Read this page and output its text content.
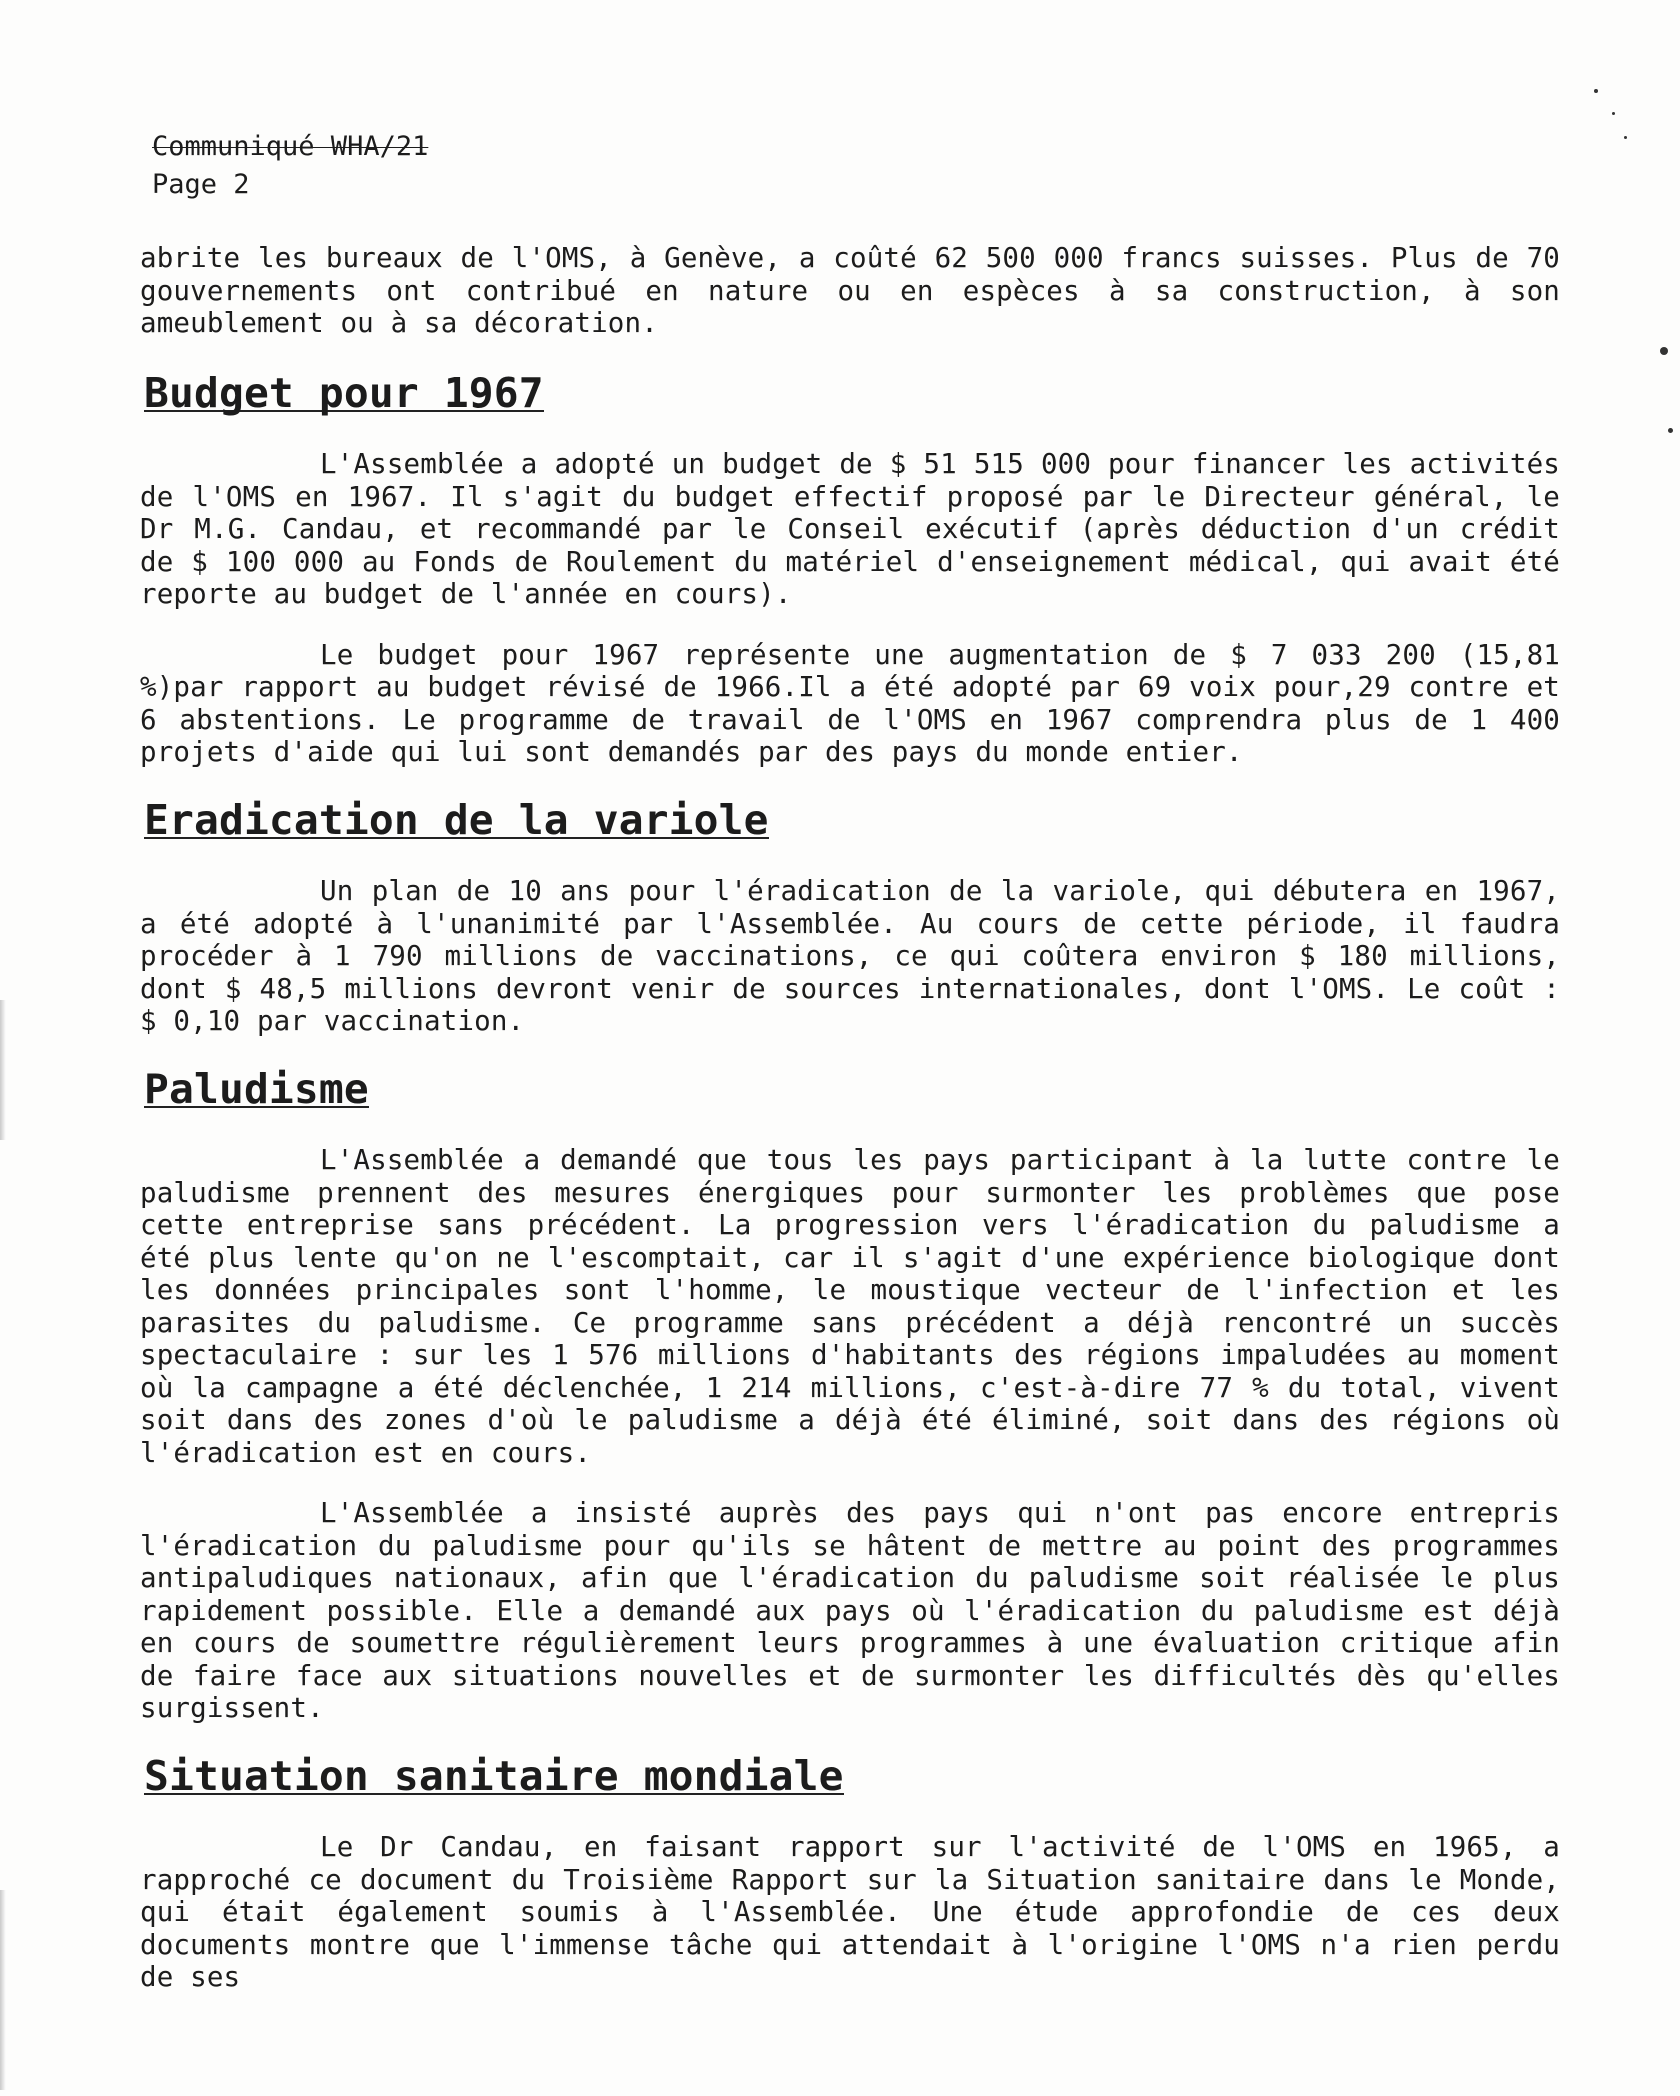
Communiqué WHA/21
Page 2

abrite les bureaux de l'OMS, à Genève, a coûté 62 500 000 francs suisses. Plus de 70 gouvernements ont contribué en nature ou en espèces à sa construction, à son ameublement ou à sa décoration.

Budget pour 1967

L'Assemblée a adopté un budget de $ 51 515 000 pour financer les activités de l'OMS en 1967. Il s'agit du budget effectif proposé par le Directeur général, le Dr M.G. Candau, et recommandé par le Conseil exécutif (après déduction d'un crédit de $ 100 000 au Fonds de Roulement du matériel d'enseignement médical, qui avait été reporte au budget de l'année en cours).

Le budget pour 1967 représente une augmentation de $ 7 033 200 (15,81 %)par rapport au budget révisé de 1966.Il a été adopté par 69 voix pour,29 contre et 6 abstentions. Le programme de travail de l'OMS en 1967 comprendra plus de 1 400 projets d'aide qui lui sont demandés par des pays du monde entier.

Eradication de la variole

Un plan de 10 ans pour l'éradication de la variole, qui débutera en 1967, a été adopté à l'unanimité par l'Assemblée. Au cours de cette période, il faudra procéder à 1 790 millions de vaccinations, ce qui coûtera environ $ 180 millions, dont $ 48,5 millions devront venir de sources internationales, dont l'OMS. Le coût : $ 0,10 par vaccination.

Paludisme

L'Assemblée a demandé que tous les pays participant à la lutte contre le paludisme prennent des mesures énergiques pour surmonter les problèmes que pose cette entreprise sans précédent. La progression vers l'éradication du paludisme a été plus lente qu'on ne l'escomptait, car il s'agit d'une expérience biologique dont les données principales sont l'homme, le moustique vecteur de l'infection et les parasites du paludisme. Ce programme sans précédent a déjà rencontré un succès spectaculaire : sur les 1 576 millions d'habitants des régions impaludées au moment où la campagne a été déclenchée, 1 214 millions, c'est-à-dire 77 % du total, vivent soit dans des zones d'où le paludisme a déjà été éliminé, soit dans des régions où l'éradication est en cours.

L'Assemblée a insisté auprès des pays qui n'ont pas encore entrepris l'éradication du paludisme pour qu'ils se hâtent de mettre au point des programmes antipaludiques nationaux, afin que l'éradication du paludisme soit réalisée le plus rapidement possible. Elle a demandé aux pays où l'éradication du paludisme est déjà en cours de soumettre régulièrement leurs programmes à une évaluation critique afin de faire face aux situations nouvelles et de surmonter les difficultés dès qu'elles surgissent.

Situation sanitaire mondiale

Le Dr Candau, en faisant rapport sur l'activité de l'OMS en 1965, a rapproché ce document du Troisième Rapport sur la Situation sanitaire dans le Monde, qui était également soumis à l'Assemblée. Une étude approfondie de ces deux documents montre que l'immense tâche qui attendait à l'origine l'OMS n'a rien perdu de ses
